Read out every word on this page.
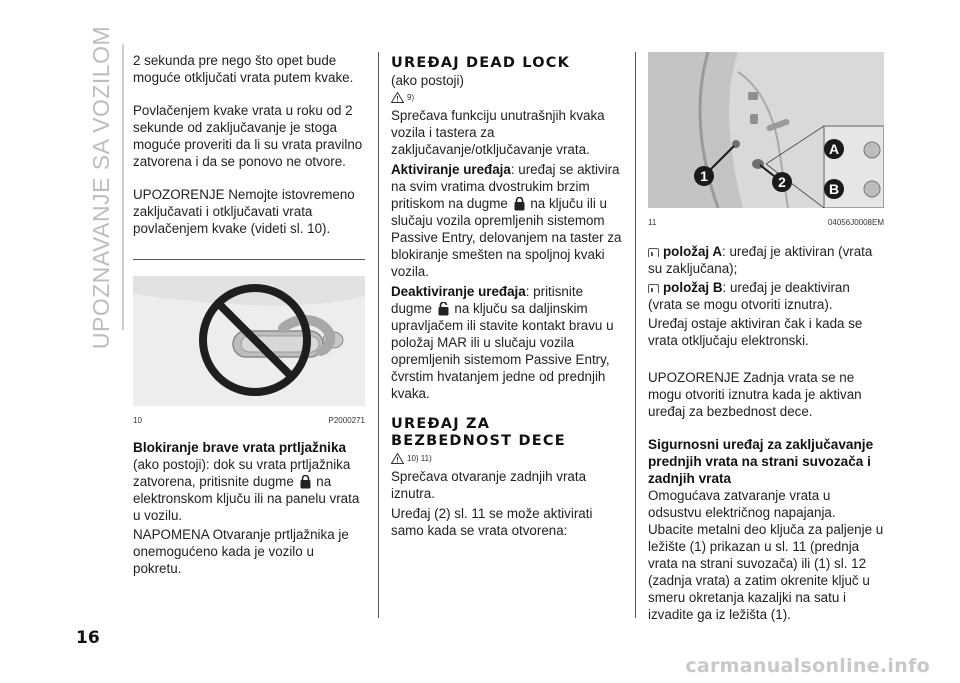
UPOZNAVANJE SA VOZILOM
16

2 sekunda pre nego što opet bude moguće otključati vrata putem kvake.

Povlačenjem kvake vrata u roku od 2 sekunde od zaključavanje je stoga moguće proveriti da li su vrata pravilno zatvorena i da se ponovo ne otvore.

UPOZORENJE Nemojte istovremeno zaključavati i otključavati vrata povlačenjem kvake (videti sl. 10).

10	P2000271
Blokiranje brave vrata prtljažnika

(ako postoji): dok su vrata prtljažnika zatvorena, pritisnite dugme na elektronskom ključu ili na panelu vrata u vozilu.

NAPOMENA Otvaranje prtljažnika je onemogućeno kada je vozilo u pokretu.

UREĐAJ DEAD LOCK
(ako postoji)
9)

Sprečava funkciju unutrašnjih kvaka vozila i tastera za zaključavanje/otključavanje vrata.

Aktiviranje uređaja: uređaj se aktivira na svim vratima dvostrukim brzim pritiskom na dugme na ključu ili u slučaju vozila opremljenih sistemom Passive Entry, delovanjem na taster za blokiranje smešten na spoljnoj kvaki vozila.

Deaktiviranje uređaja: pritisnite dugme na ključu sa daljinskim upravljačem ili stavite kontakt bravu u položaj MAR ili u slučaju vozila opremljenih sistemom Passive Entry, čvrstim hvatanjem jedne od prednjih kvaka.

UREĐAJ ZA
BEZBEDNOST DECE
10) 11)

Sprečava otvaranje zadnjih vrata iznutra.

Uređaj (2) sl. 11 se može aktivirati samo kada se vrata otvorena:

1	2
A
B
11	04056J0008EM

položaj A: uređaj je aktiviran (vrata su zaključana);

položaj B: uređaj je deaktiviran (vrata se mogu otvoriti iznutra).

Uređaj ostaje aktiviran čak i kada se vrata otključaju elektronski.

UPOZORENJE Zadnja vrata se ne mogu otvoriti iznutra kada je aktivan uređaj za bezbednost dece.

Sigurnosni uređaj za zaključavanje prednjih vrata na strani suvozača i zadnjih vrata

Omogućava zatvaranje vrata u odsustvu električnog napajanja. Ubacite metalni deo ključa za paljenje u ležište (1) prikazan u sl. 11 (prednja vrata na strani suvozača) ili (1) sl. 12 (zadnja vrata) a zatim okrenite ključ u smeru okretanja kazaljki na satu i izvadite ga iz ležišta (1).

carmanualsonline.info
